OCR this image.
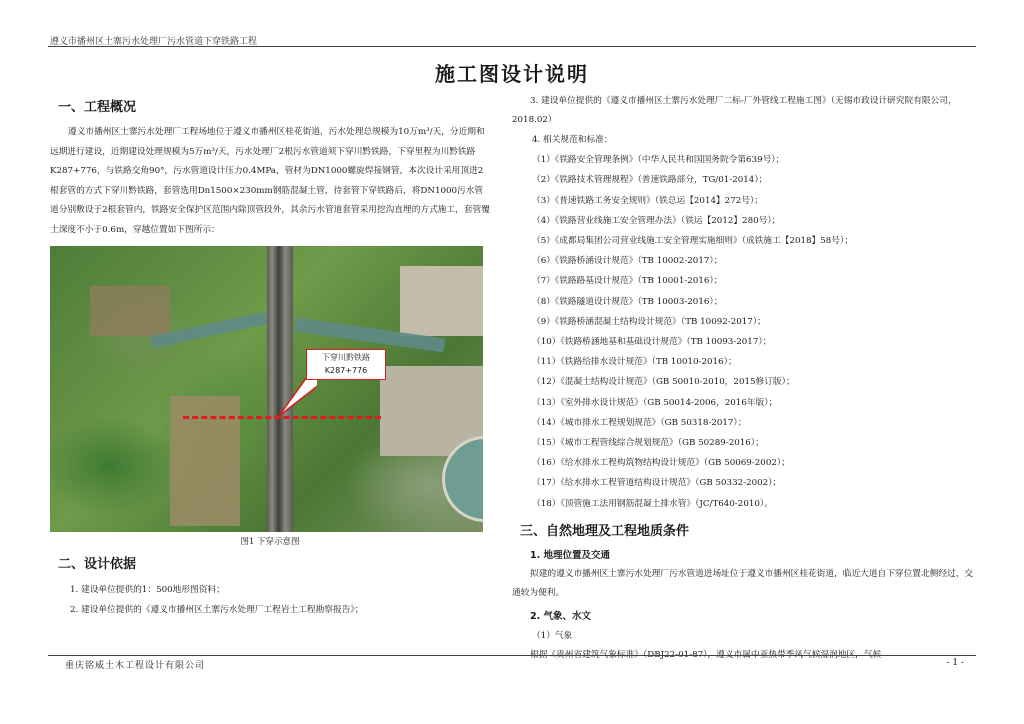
遵义市播州区土寨污水处理厂污水管道下穿铁路工程
施工图设计说明
一、工程概况

遵义市播州区土寨污水处理厂工程场地位于遵义市播州区桂花街道，污水处理总规模为10万m³/天，分近期和远期进行建设，近期建设处理规模为5万m³/天，污水处理厂2根污水管道须下穿川黔铁路，下穿里程为川黔铁路K287+776，与铁路交角90°，污水管道设计压力0.4MPa，管材为DN1000螺旋焊接钢管，本次设计采用顶进2根套管的方式下穿川黔铁路，套管选用Dn1500×230mm钢筋混凝土管，待套管下穿铁路后，将DN1000污水管道分别敷设于2根套管内，铁路安全保护区范围内除顶管段外，其余污水管道套管采用挖沟直埋的方式施工，套管覆土深度不小于0.6m，穿越位置如下图所示：

下穿川黔铁路
K287+776
图1 下穿示意图
二、设计依据
1. 建设单位提供的1：500地形图资料；
2. 建设单位提供的《遵义市播州区土寨污水处理厂工程岩土工程勘察报告》；

3. 建设单位提供的《遵义市播州区土寨污水处理厂二标-厂外管线工程施工图》（无锡市政设计研究院有限公司，2018.02）

4. 相关规范和标准：
（1）《铁路安全管理条例》（中华人民共和国国务院令第639号）；
（2）《铁路技术管理规程》（普速铁路部分，TG/01-2014）；
（3）《普速铁路工务安全规则》（铁总运【2014】272号）；
（4）《铁路营业线施工安全管理办法》（铁运【2012】280号）；
（5）《成都局集团公司营业线施工安全管理实施细则》（成铁施工【2018】58号）；
（6）《铁路桥涵设计规范》（TB 10002-2017）；
（7）《铁路路基设计规范》（TB 10001-2016）；
（8）《铁路隧道设计规范》（TB 10003-2016）；
（9）《铁路桥涵混凝土结构设计规范》（TB 10092-2017）；
（10）《铁路桥涵地基和基础设计规范》（TB 10093-2017）；
（11）《铁路给排水设计规范》（TB 10010-2016）；
（12）《混凝土结构设计规范》（GB 50010-2010，2015修订版）；
（13）《室外排水设计规范》（GB 50014-2006，2016年版）；
（14）《城市排水工程规划规范》（GB 50318-2017）；
（15）《城市工程管线综合规划规范》（GB 50289-2016）；
（16）《给水排水工程构筑物结构设计规范》（GB 50069-2002）；
（17）《给水排水工程管道结构设计规范》（GB 50332-2002）；
（18）《顶管施工法用钢筋混凝土排水管》（JC/T640-2010）。
三、自然地理及工程地质条件
1. 地理位置及交通

拟建的遵义市播州区土寨污水处理厂污水管道进场址位于遵义市播州区桂花街道，临近大道自下穿位置北侧经过，交通较为便利。

2. 气象、水文
（1）气象

根据《贵州省建筑气象标准》（DBJ22-01-87），遵义市属中亚热带季风气候湿润地区，气候

重庆铭威土木工程设计有限公司	- 1 -
